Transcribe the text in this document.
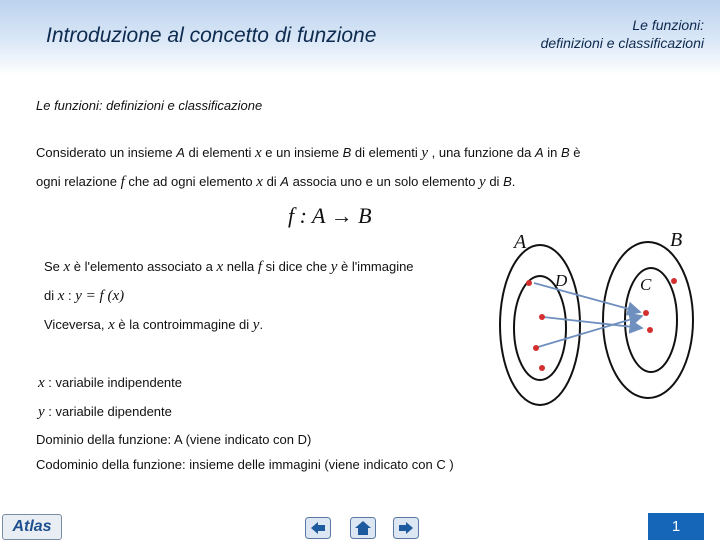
Introduzione al concetto di funzione	Le funzioni:
definizioni e classificazioni
Le funzioni: definizioni e classificazione
Considerato un insieme A di elementi x e un insieme B di elementi y , una funzione da A in B è
ogni relazione f che ad ogni elemento x di A associa uno e un solo elemento y di B.
f : A → B
Se x è l'elemento associato a x nella f si dice che y è l'immagine
di x : y = f (x)
Viceversa, x è la controimmagine di y.
x : variabile indipendente
y : variabile dipendente
Dominio della funzione: A (viene indicato con D)
Codominio della funzione: insieme delle immagini (viene indicato con C )
A	B
D	C
Atlas	1
